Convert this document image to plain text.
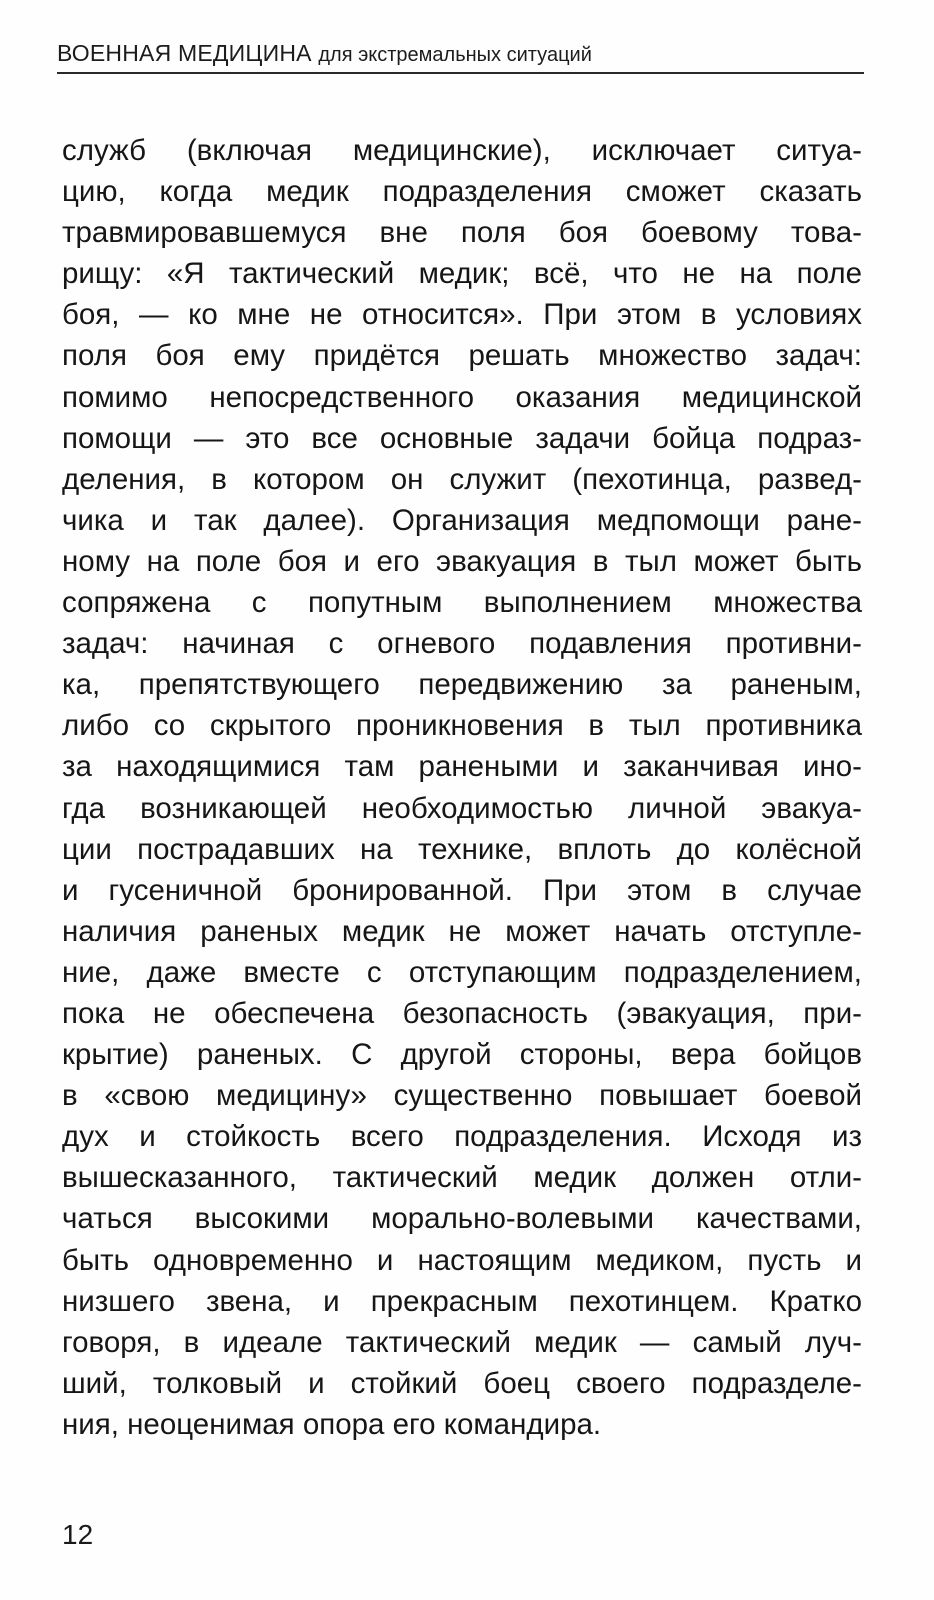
ВОЕННАЯ МЕДИЦИНА для экстремальных ситуаций
служб (включая медицинские), исключает ситуа-
цию, когда медик подразделения сможет сказать
травмировавшемуся вне поля боя боевому това-
рищу: «Я тактический медик; всё, что не на поле
боя, — ко мне не относится». При этом в условиях
поля боя ему придётся решать множество задач:
помимо непосредственного оказания медицинской
помощи — это все основные задачи бойца подраз-
деления, в котором он служит (пехотинца, развед-
чика и так далее). Организация медпомощи ране-
ному на поле боя и его эвакуация в тыл может быть
сопряжена с попутным выполнением множества
задач: начиная с огневого подавления противни-
ка, препятствующего передвижению за раненым,
либо со скрытого проникновения в тыл противника
за находящимися там ранеными и заканчивая ино-
гда возникающей необходимостью личной эвакуа-
ции пострадавших на технике, вплоть до колёсной
и гусеничной бронированной. При этом в случае
наличия раненых медик не может начать отступле-
ние, даже вместе с отступающим подразделением,
пока не обеспечена безопасность (эвакуация, при-
крытие) раненых. С другой стороны, вера бойцов
в «свою медицину» существенно повышает боевой
дух и стойкость всего подразделения. Исходя из
вышесказанного, тактический медик должен отли-
чаться высокими морально-волевыми качествами,
быть одновременно и настоящим медиком, пусть и
низшего звена, и прекрасным пехотинцем. Кратко
говоря, в идеале тактический медик — самый луч-
ший, толковый и стойкий боец своего подразделе-
ния, неоценимая опора его командира.
12
